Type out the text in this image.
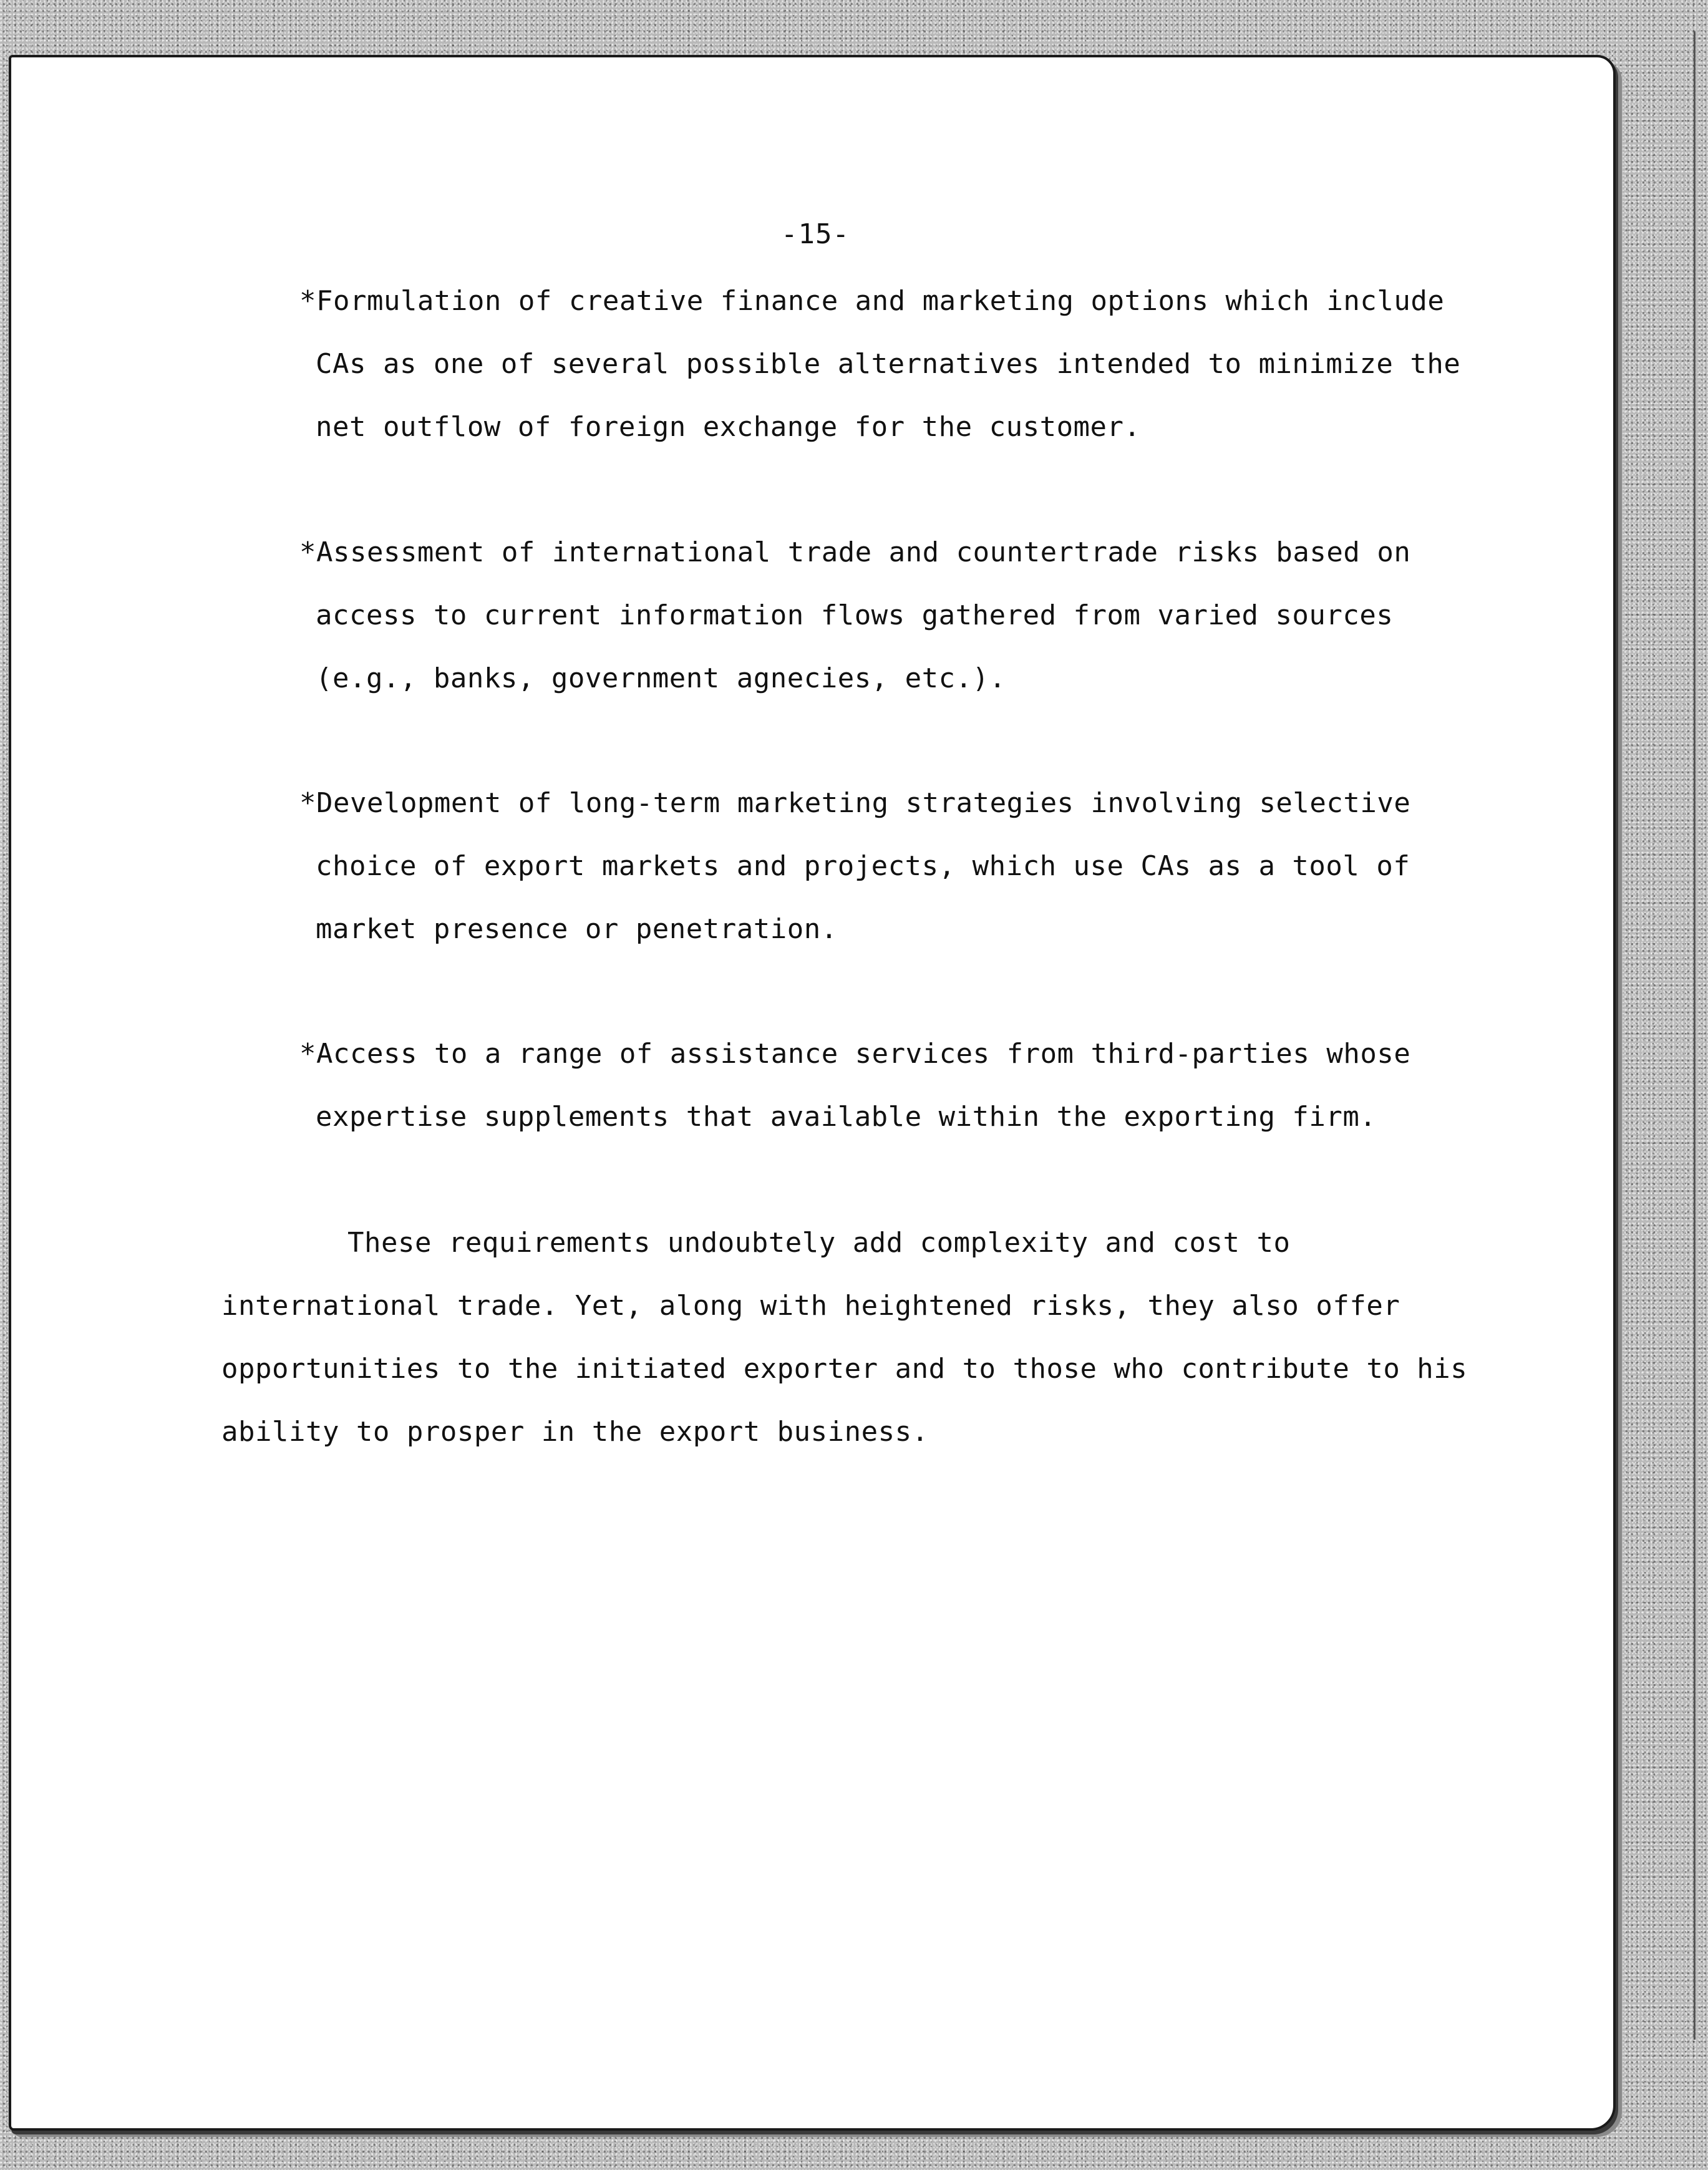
-15-

*Formulation of creative finance and marketing options which include
CAs as one of several possible alternatives intended to minimize the
net outflow of foreign exchange for the customer.

*Assessment of international trade and countertrade risks based on
access to current information flows gathered from varied sources
(e.g., banks, government agnecies, etc.).

*Development of long-term marketing strategies involving selective
choice of export markets and projects, which use CAs as a tool of
market presence or penetration.

*Access to a range of assistance services from third-parties whose
expertise supplements that available within the exporting firm.

These requirements undoubtely add complexity and cost to
international trade. Yet, along with heightened risks, they also offer
opportunities to the initiated exporter and to those who contribute to his
ability to prosper in the export business.
